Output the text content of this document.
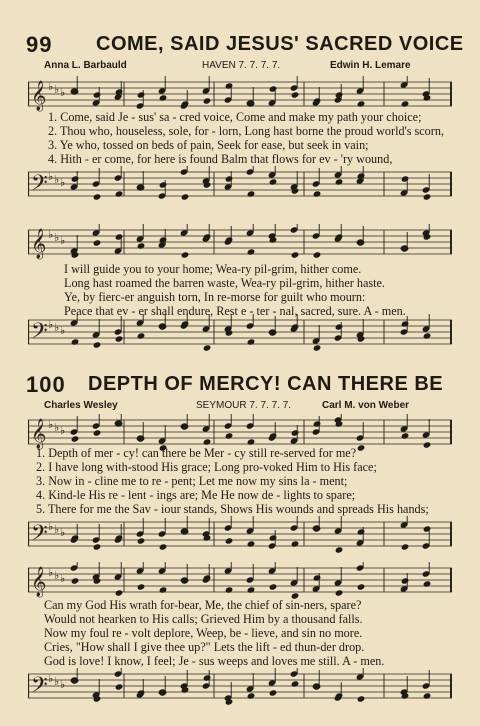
99 COME, SAID JESUS' SACRED VOICE
Anna L. Barbauld	HAVEN 7. 7. 7. 7.	Edwin H. Lemare
𝄞 ♭ ♭ ♭
1. Come, said Je - sus' sa - cred voice, Come and make my path your choice;
2. Thou who, houseless, sole, for - lorn, Long hast borne the proud world's scorn,
3. Ye who, tossed on beds of pain, Seek for ease, but seek in vain;
4. Hith - er come, for here is found Balm that flows for ev - 'ry wound,
𝄢 ♭ ♭ ♭
𝄞 ♭ ♭ ♭
I will guide you to your home; Wea-ry pil-grim, hither come.
Long hast roamed the barren waste, Wea-ry pil-grim, hither haste.
Ye, by fierc-er anguish torn, In re-morse for guilt who mourn:
Peace that ev - er shall endure, Rest e - ter - nal, sacred, sure. A - men.
𝄢 ♭ ♭ ♭
100 DEPTH OF MERCY! CAN THERE BE
Charles Wesley	SEYMOUR 7. 7. 7. 7.	Carl M. von Weber
𝄞 ♭ ♭ ♭
1. Depth of mer - cy! can there be Mer - cy still re-served for me?
2. I have long with-stood His grace; Long pro-voked Him to His face;
3. Now in - cline me to re - pent; Let me now my sins la - ment;
4. Kind-le His re - lent - ings are; Me He now de - lights to spare;
5. There for me the Sav - iour stands, Shows His wounds and spreads His hands;
𝄢 ♭ ♭ ♭
𝄞 ♭ ♭ ♭
Can my God His wrath for-bear, Me, the chief of sin-ners, spare?
Would not hearken to His calls; Grieved Him by a thousand falls.
Now my foul re - volt deplore, Weep, be - lieve, and sin no more.
Cries, "How shall I give thee up?" Lets the lift - ed thun-der drop.
God is love! I know, I feel; Je - sus weeps and loves me still. A - men.
𝄢 ♭ ♭ ♭
